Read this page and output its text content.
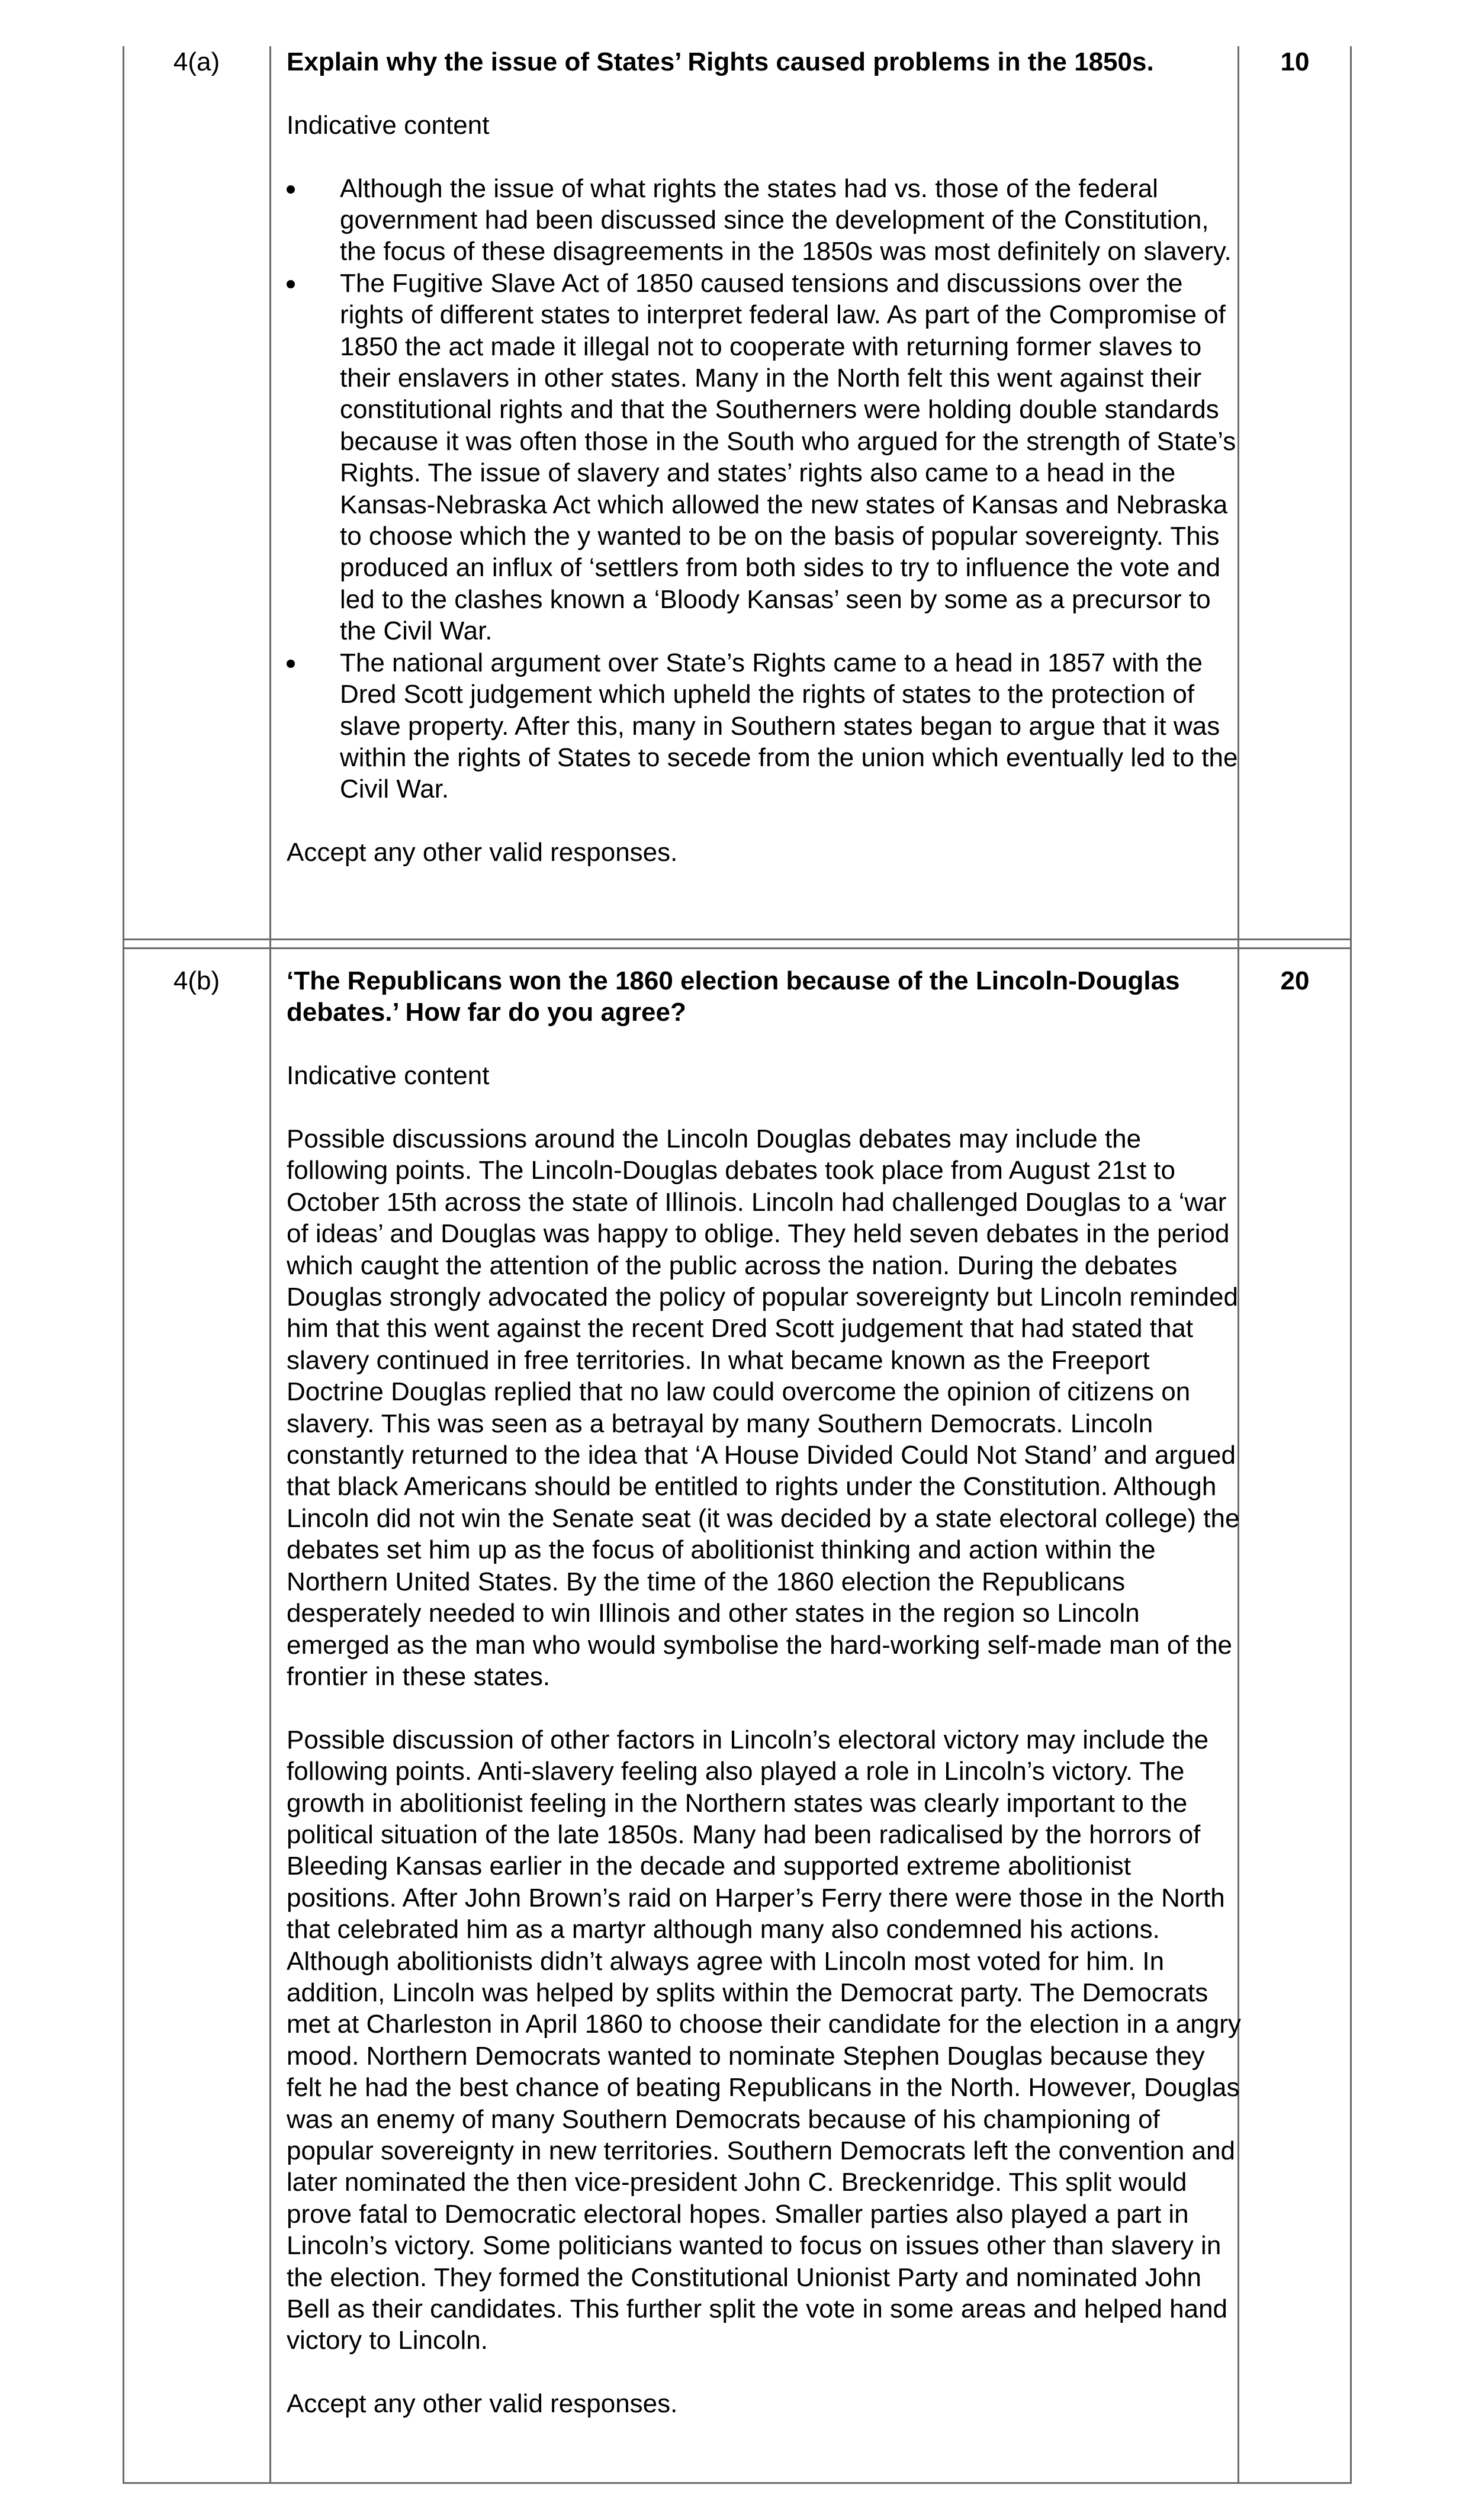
4(a)	10
Explain why the issue of States’ Rights caused problems in the 1850s.
Indicative content
Although the issue of what rights the states had vs. those of the federal government had been discussed since the development of the Constitution, the focus of these disagreements in the 1850s was most definitely on slavery.
The Fugitive Slave Act of 1850 caused tensions and discussions over the rights of different states to interpret federal law. As part of the Compromise of 1850 the act made it illegal not to cooperate with returning former slaves to their enslavers in other states. Many in the North felt this went against their constitutional rights and that the Southerners were holding double standards because it was often those in the South who argued for the strength of State’s Rights. The issue of slavery and states’ rights also came to a head in the Kansas-Nebraska Act which allowed the new states of Kansas and Nebraska to choose which the y wanted to be on the basis of popular sovereignty. This produced an influx of ‘settlers from both sides to try to influence the vote and led to the clashes known a ‘Bloody Kansas’ seen by some as a precursor to the Civil War.
The national argument over State’s Rights came to a head in 1857 with the Dred Scott judgement which upheld the rights of states to the protection of slave property. After this, many in Southern states began to argue that it was within the rights of States to secede from the union which eventually led to the Civil War.
Accept any other valid responses.
4(b)	20
‘The Republicans won the 1860 election because of the Lincoln-Douglas debates.’ How far do you agree?
Indicative content
Possible discussions around the Lincoln Douglas debates may include the following points. The Lincoln-Douglas debates took place from August 21st to October 15th across the state of Illinois. Lincoln had challenged Douglas to a ‘war of ideas’ and Douglas was happy to oblige. They held seven debates in the period which caught the attention of the public across the nation. During the debates Douglas strongly advocated the policy of popular sovereignty but Lincoln reminded him that this went against the recent Dred Scott judgement that had stated that slavery continued in free territories. In what became known as the Freeport Doctrine Douglas replied that no law could overcome the opinion of citizens on slavery. This was seen as a betrayal by many Southern Democrats. Lincoln constantly returned to the idea that ‘A House Divided Could Not Stand’ and argued that black Americans should be entitled to rights under the Constitution. Although Lincoln did not win the Senate seat (it was decided by a state electoral college) the debates set him up as the focus of abolitionist thinking and action within the Northern United States. By the time of the 1860 election the Republicans desperately needed to win Illinois and other states in the region so Lincoln emerged as the man who would symbolise the hard-working self-made man of the frontier in these states.
Possible discussion of other factors in Lincoln’s electoral victory may include the following points. Anti-slavery feeling also played a role in Lincoln’s victory. The growth in abolitionist feeling in the Northern states was clearly important to the political situation of the late 1850s. Many had been radicalised by the horrors of Bleeding Kansas earlier in the decade and supported extreme abolitionist positions. After John Brown’s raid on Harper’s Ferry there were those in the North that celebrated him as a martyr although many also condemned his actions. Although abolitionists didn’t always agree with Lincoln most voted for him. In addition, Lincoln was helped by splits within the Democrat party. The Democrats met at Charleston in April 1860 to choose their candidate for the election in a angry mood. Northern Democrats wanted to nominate Stephen Douglas because they felt he had the best chance of beating Republicans in the North. However, Douglas was an enemy of many Southern Democrats because of his championing of popular sovereignty in new territories. Southern Democrats left the convention and later nominated the then vice-president John C. Breckenridge. This split would prove fatal to Democratic electoral hopes. Smaller parties also played a part in Lincoln’s victory. Some politicians wanted to focus on issues other than slavery in the election. They formed the Constitutional Unionist Party and nominated John Bell as their candidates. This further split the vote in some areas and helped hand victory to Lincoln.
Accept any other valid responses.
